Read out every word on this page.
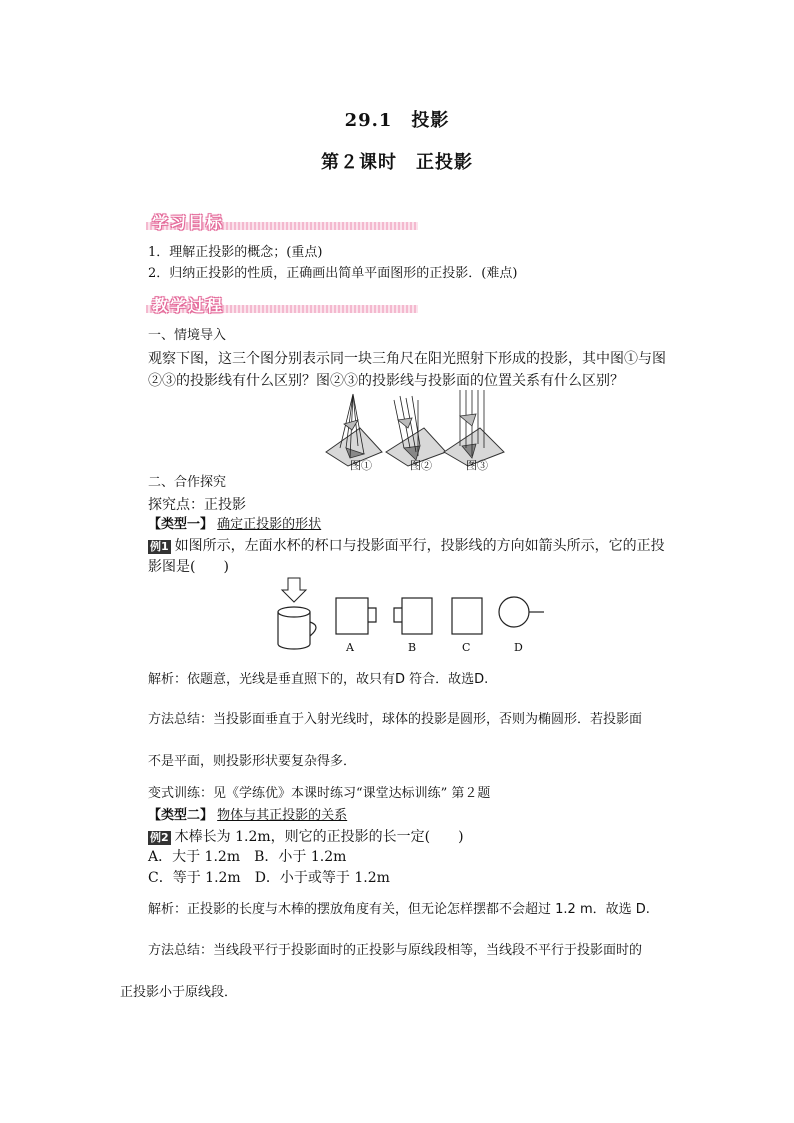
29.1　投影
第２课时　正投影
学习目标
1．理解正投影的概念；(重点)
2．归纳正投影的性质，正确画出简单平面图形的正投影．(难点)
教学过程
一、情境导入
观察下图，这三个图分别表示同一块三角尺在阳光照射下形成的投影，其中图①与图
②③的投影线有什么区别？图②③的投影线与投影面的位置关系有什么区别？
图①	图②	图③
二、合作探究
探究点：正投影
【类型一】 确定正投影的形状
例1 如图所示，左面水杯的杯口与投影面平行，投影线的方向如箭头所示，它的正投
影图是(　　)
A	B	C	D
解析：依题意，光线是垂直照下的，故只有D 符合．故选D.
方法总结：当投影面垂直于入射光线时，球体的投影是圆形，否则为椭圆形．若投影面
不是平面，则投影形状要复杂得多．
变式训练：见《学练优》本课时练习“课堂达标训练” 第２题
【类型二】 物体与其正投影的关系
例2 木棒长为 1.2m，则它的正投影的长一定(　　)
A．大于 1.2m　B．小于 1.2m
C．等于 1.2m　D．小于或等于 1.2m
解析：正投影的长度与木棒的摆放角度有关，但无论怎样摆都不会超过 1.2 m．故选 D.
方法总结：当线段平行于投影面时的正投影与原线段相等，当线段不平行于投影面时的
正投影小于原线段．
